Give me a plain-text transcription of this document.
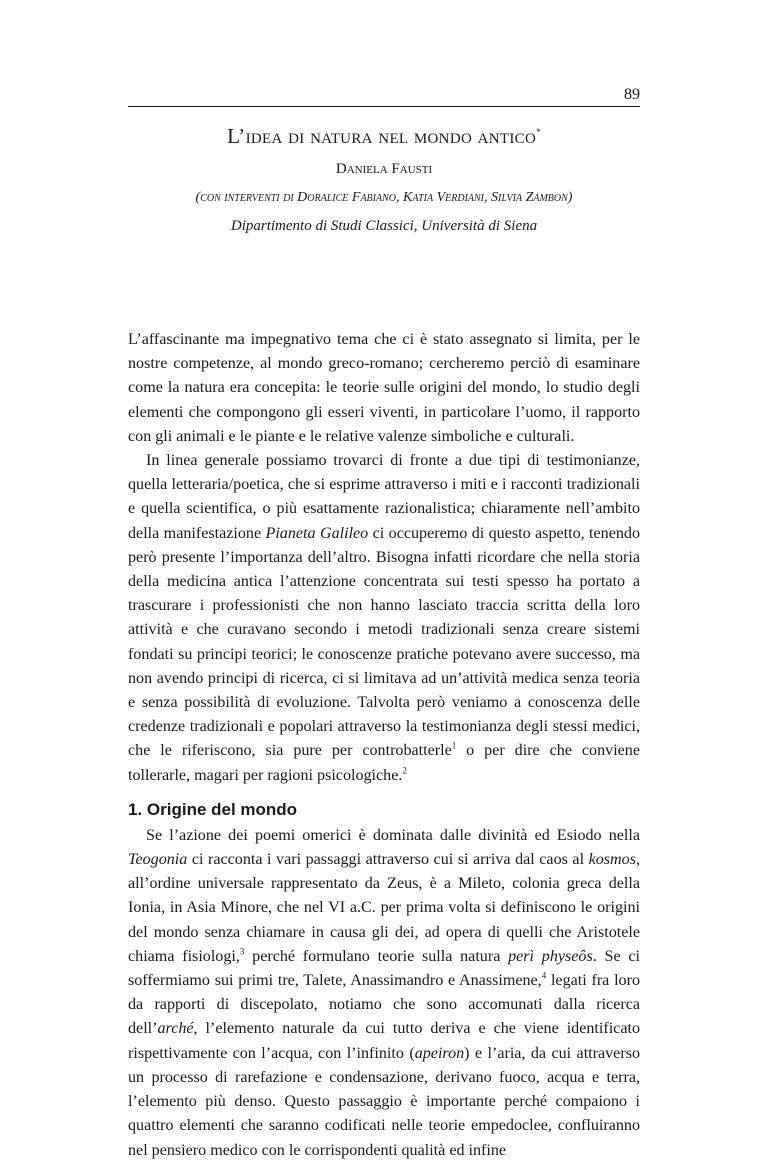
89

L’idea di natura nel mondo antico*

Daniela Fausti

(con interventi di Doralice Fabiano, Katia Verdiani, Silvia Zambon)

Dipartimento di Studi Classici, Università di Siena

L’affascinante ma impegnativo tema che ci è stato assegnato si limita, per le nostre competenze, al mondo greco-romano; cercheremo perciò di esaminare come la natura era concepita: le teorie sulle origini del mondo, lo studio degli elementi che compongono gli esseri viventi, in particolare l’uomo, il rapporto con gli animali e le piante e le relative valenze simboliche e culturali.

In linea generale possiamo trovarci di fronte a due tipi di testimonianze, quella letteraria/poetica, che si esprime attraverso i miti e i racconti tradizionali e quella scientifica, o più esattamente razionalistica; chiaramente nell’ambito della manifestazione Pianeta Galileo ci occuperemo di questo aspetto, tenendo però presente l’importanza dell’altro. Bisogna infatti ricordare che nella storia della medicina antica l’attenzione concentrata sui testi spesso ha portato a trascurare i professionisti che non hanno lasciato traccia scritta della loro attività e che curavano secondo i metodi tradizionali senza creare sistemi fondati su principi teorici; le conoscenze pratiche potevano avere successo, ma non avendo principi di ricerca, ci si limitava ad un’attività medica senza teoria e senza possibilità di evoluzione. Talvolta però veniamo a conoscenza delle credenze tradizionali e popolari attraverso la testimonianza degli stessi medici, che le riferiscono, sia pure per controbatterle$^1$ o per dire che conviene tollerarle, magari per ragioni psicologiche.$^2$

1. Origine del mondo

Se l’azione dei poemi omerici è dominata dalle divinità ed Esiodo nella Teogonia ci racconta i vari passaggi attraverso cui si arriva dal caos al kosmos, all’ordine universale rappresentato da Zeus, è a Mileto, colonia greca della Ionia, in Asia Minore, che nel VI a.C. per prima volta si definiscono le origini del mondo senza chiamare in causa gli dei, ad opera di quelli che Aristotele chiama fisiologi,$^3$ perché formulano teorie sulla natura perì physeôs. Se ci soffermiamo sui primi tre, Talete, Anassimandro e Anassimene,$^4$ legati fra loro da rapporti di discepolato, notiamo che sono accomunati dalla ricerca dell’arché, l’elemento naturale da cui tutto deriva e che viene identificato rispettivamente con l’acqua, con l’infinito (apeiron) e l’aria, da cui attraverso un processo di rarefazione e condensazione, derivano fuoco, acqua e terra, l’elemento più denso. Questo passaggio è importante perché compaiono i quattro elementi che saranno codificati nelle teorie empedoclee, confluiranno nel pensiero medico con le corrispondenti qualità ed infine
